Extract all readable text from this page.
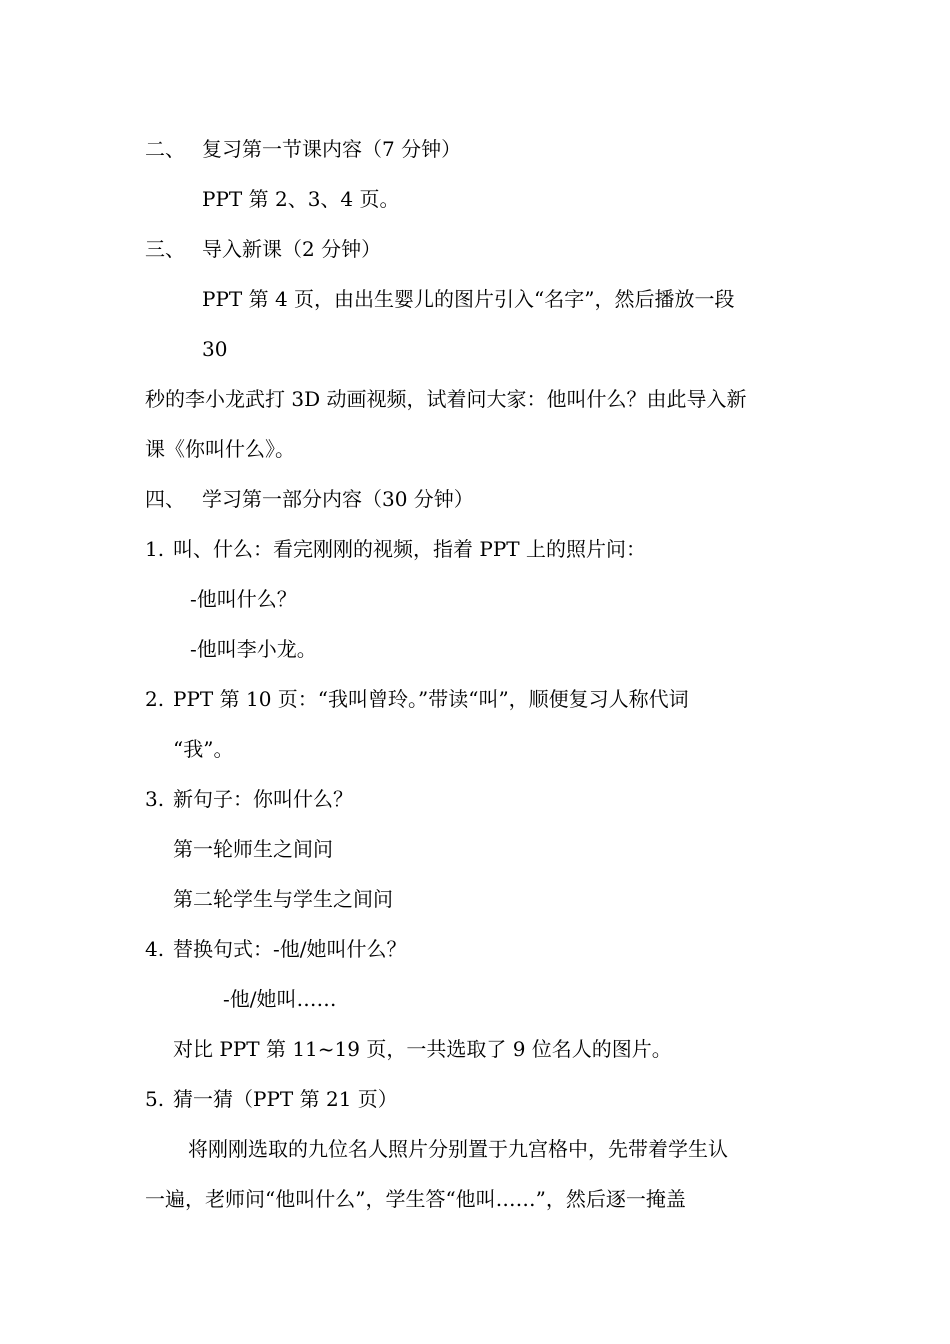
二、 复习第一节课内容（7 分钟）
PPT 第 2、3、4 页。
三、 导入新课（2 分钟）
PPT 第 4 页，由出生婴儿的图片引入“名字”，然后播放一段
30
秒的李小龙武打 3D 动画视频，试着问大家：他叫什么？由此导入新
课《你叫什么》。
四、 学习第一部分内容（30 分钟）
1. 叫、什么：看完刚刚的视频，指着 PPT 上的照片问：
-他叫什么？
-他叫李小龙。
2. PPT 第 10 页：“我叫曾玲。”带读“叫”，顺便复习人称代词
“我”。
3. 新句子：你叫什么？
第一轮师生之间问
第二轮学生与学生之间问
4. 替换句式：-他/她叫什么？
-他/她叫……
对比 PPT 第 11~19 页，一共选取了 9 位名人的图片。
5. 猜一猜（PPT 第 21 页）
将刚刚选取的九位名人照片分别置于九宫格中，先带着学生认
一遍，老师问“他叫什么”，学生答“他叫……”，然后逐一掩盖
